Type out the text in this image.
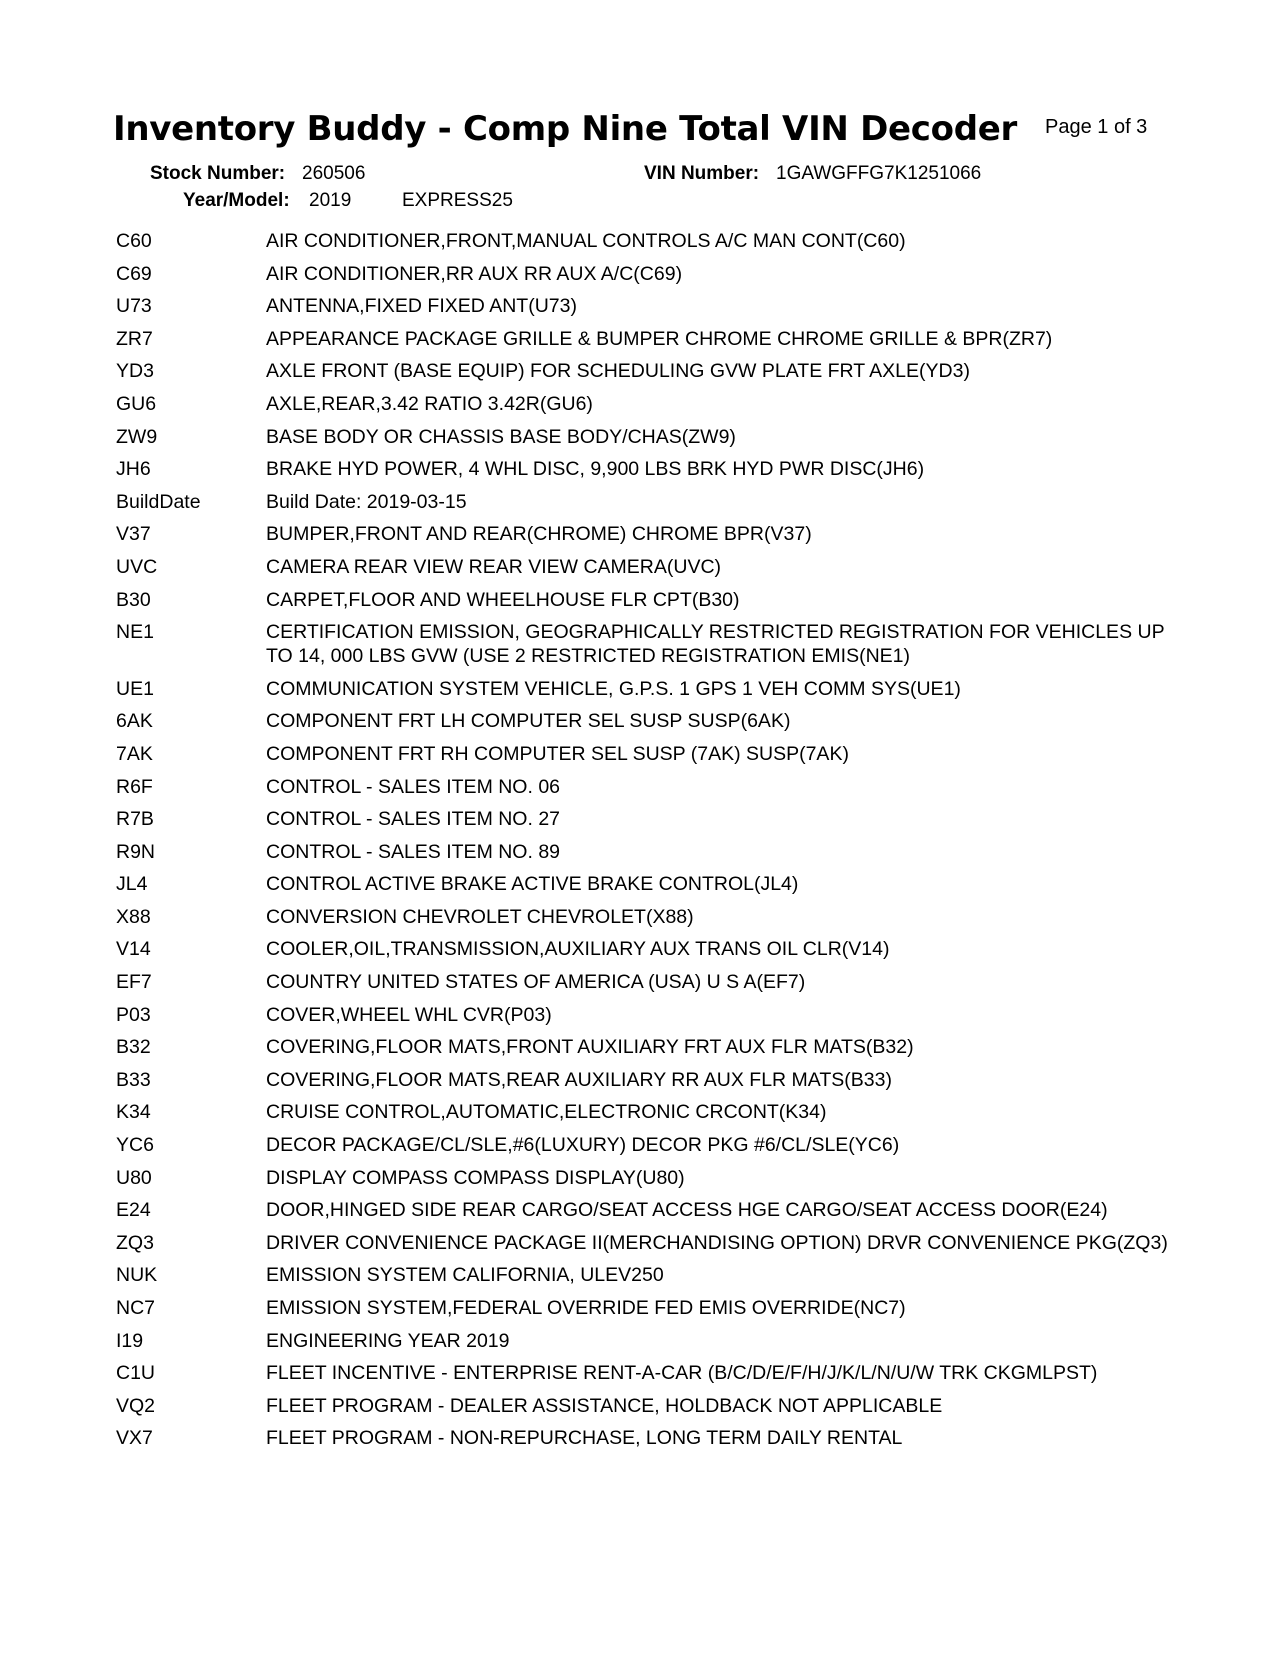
Inventory Buddy - Comp Nine Total VIN Decoder Page 1 of 3
Stock Number: 260506	VIN Number: 1GAWGFFG7K1251066
Year/Model: 2019	EXPRESS25
C60	AIR CONDITIONER,FRONT,MANUAL CONTROLS A/C MAN CONT(C60)
C69	AIR CONDITIONER,RR AUX RR AUX A/C(C69)
U73	ANTENNA,FIXED FIXED ANT(U73)
ZR7	APPEARANCE PACKAGE GRILLE & BUMPER CHROME CHROME GRILLE & BPR(ZR7)
YD3	AXLE FRONT (BASE EQUIP) FOR SCHEDULING GVW PLATE FRT AXLE(YD3)
GU6	AXLE,REAR,3.42 RATIO 3.42R(GU6)
ZW9	BASE BODY OR CHASSIS BASE BODY/CHAS(ZW9)
JH6	BRAKE HYD POWER, 4 WHL DISC, 9,900 LBS BRK HYD PWR DISC(JH6)
BuildDate	Build Date: 2019-03-15
V37	BUMPER,FRONT AND REAR(CHROME) CHROME BPR(V37)
UVC	CAMERA REAR VIEW REAR VIEW CAMERA(UVC)
B30	CARPET,FLOOR AND WHEELHOUSE FLR CPT(B30)
NE1	CERTIFICATION EMISSION, GEOGRAPHICALLY RESTRICTED REGISTRATION FOR VEHICLES UP TO 14, 000 LBS GVW (USE 2 RESTRICTED REGISTRATION EMIS(NE1)
UE1	COMMUNICATION SYSTEM VEHICLE, G.P.S. 1 GPS 1 VEH COMM SYS(UE1)
6AK	COMPONENT FRT LH COMPUTER SEL SUSP SUSP(6AK)
7AK	COMPONENT FRT RH COMPUTER SEL SUSP (7AK) SUSP(7AK)
R6F	CONTROL - SALES ITEM NO. 06
R7B	CONTROL - SALES ITEM NO. 27
R9N	CONTROL - SALES ITEM NO. 89
JL4	CONTROL ACTIVE BRAKE ACTIVE BRAKE CONTROL(JL4)
X88	CONVERSION CHEVROLET CHEVROLET(X88)
V14	COOLER,OIL,TRANSMISSION,AUXILIARY AUX TRANS OIL CLR(V14)
EF7	COUNTRY UNITED STATES OF AMERICA (USA) U S A(EF7)
P03	COVER,WHEEL WHL CVR(P03)
B32	COVERING,FLOOR MATS,FRONT AUXILIARY FRT AUX FLR MATS(B32)
B33	COVERING,FLOOR MATS,REAR AUXILIARY RR AUX FLR MATS(B33)
K34	CRUISE CONTROL,AUTOMATIC,ELECTRONIC CRCONT(K34)
YC6	DECOR PACKAGE/CL/SLE,#6(LUXURY) DECOR PKG #6/CL/SLE(YC6)
U80	DISPLAY COMPASS COMPASS DISPLAY(U80)
E24	DOOR,HINGED SIDE REAR CARGO/SEAT ACCESS HGE CARGO/SEAT ACCESS DOOR(E24)
ZQ3	DRIVER CONVENIENCE PACKAGE II(MERCHANDISING OPTION) DRVR CONVENIENCE PKG(ZQ3)
NUK	EMISSION SYSTEM CALIFORNIA, ULEV250
NC7	EMISSION SYSTEM,FEDERAL OVERRIDE FED EMIS OVERRIDE(NC7)
I19	ENGINEERING YEAR 2019
C1U	FLEET INCENTIVE - ENTERPRISE RENT-A-CAR (B/C/D/E/F/H/J/K/L/N/U/W TRK CKGMLPST)
VQ2	FLEET PROGRAM - DEALER ASSISTANCE, HOLDBACK NOT APPLICABLE
VX7	FLEET PROGRAM - NON-REPURCHASE, LONG TERM DAILY RENTAL
